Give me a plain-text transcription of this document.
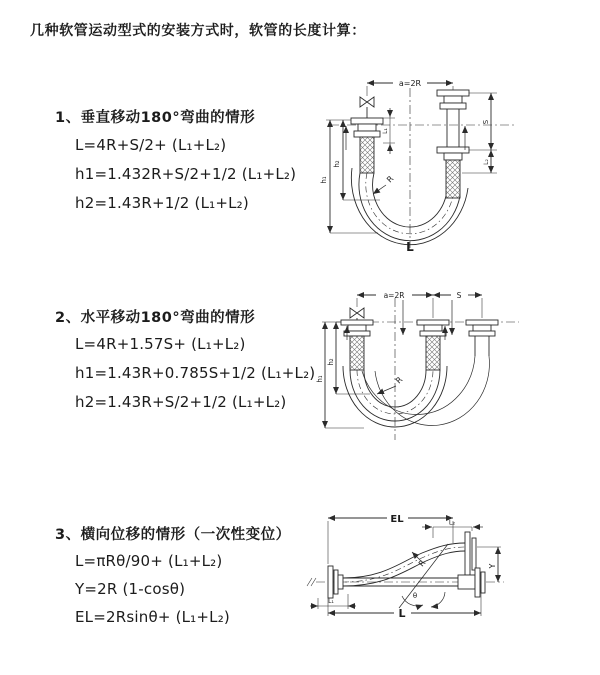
几种软管运动型式的安装方式时，软管的长度计算：
1、垂直移动180°弯曲的情形
L=4R+S/2+ (L₁+L₂)
h1=1.432R+S/2+1/2 (L₁+L₂)
h2=1.43R+1/2 (L₁+L₂)
2、水平移动180°弯曲的情形
L=4R+1.57S+ (L₁+L₂)
h1=1.43R+0.785S+1/2 (L₁+L₂)
h2=1.43R+S/2+1/2 (L₁+L₂)
3、横向位移的情形（一次性变位）
L=πRθ/90+ (L₁+L₂)
Y=2R (1-cosθ)
EL=2Rsinθ+ (L₁+L₂)
a=2R
R
h₁
h₂
L₁
S
L₂
L
a=2R	S
h₁
h₂
R
EL	L₂
Y
R
θ
L₁
L
